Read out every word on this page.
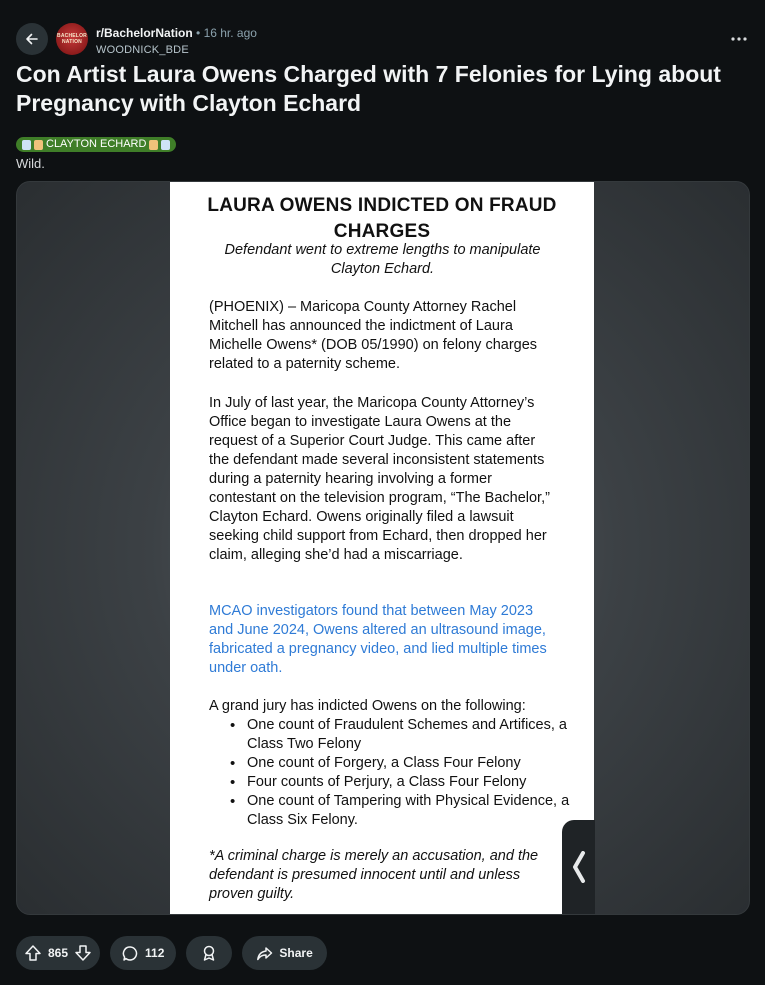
BACHELOR NATION
r/BachelorNation • 16 hr. ago
WOODNICK_BDE
Con Artist Laura Owens Charged with 7 Felonies for Lying about Pregnancy with Clayton Echard
CLAYTON ECHARD
Wild.
LAURA OWENS INDICTED ON FRAUD CHARGES
Defendant went to extreme lengths to manipulate Clayton Echard.
(PHOENIX) – Maricopa County Attorney Rachel Mitchell has announced the indictment of Laura Michelle Owens* (DOB 05/1990) on felony charges related to a paternity scheme.
In July of last year, the Maricopa County Attorney’s Office began to investigate Laura Owens at the request of a Superior Court Judge. This came after the defendant made several inconsistent statements during a paternity hearing involving a former contestant on the television program, “The Bachelor,” Clayton Echard. Owens originally filed a lawsuit seeking child support from Echard, then dropped her claim, alleging she’d had a miscarriage.
MCAO investigators found that between May 2023 and June 2024, Owens altered an ultrasound image, fabricated a pregnancy video, and lied multiple times under oath.
A grand jury has indicted Owens on the following:
• One count of Fraudulent Schemes and Artifices, a Class Two Felony
• One count of Forgery, a Class Four Felony
• Four counts of Perjury, a Class Four Felony
• One count of Tampering with Physical Evidence, a Class Six Felony.
*A criminal charge is merely an accusation, and the defendant is presumed innocent until and unless proven guilty.
865	112	Share
